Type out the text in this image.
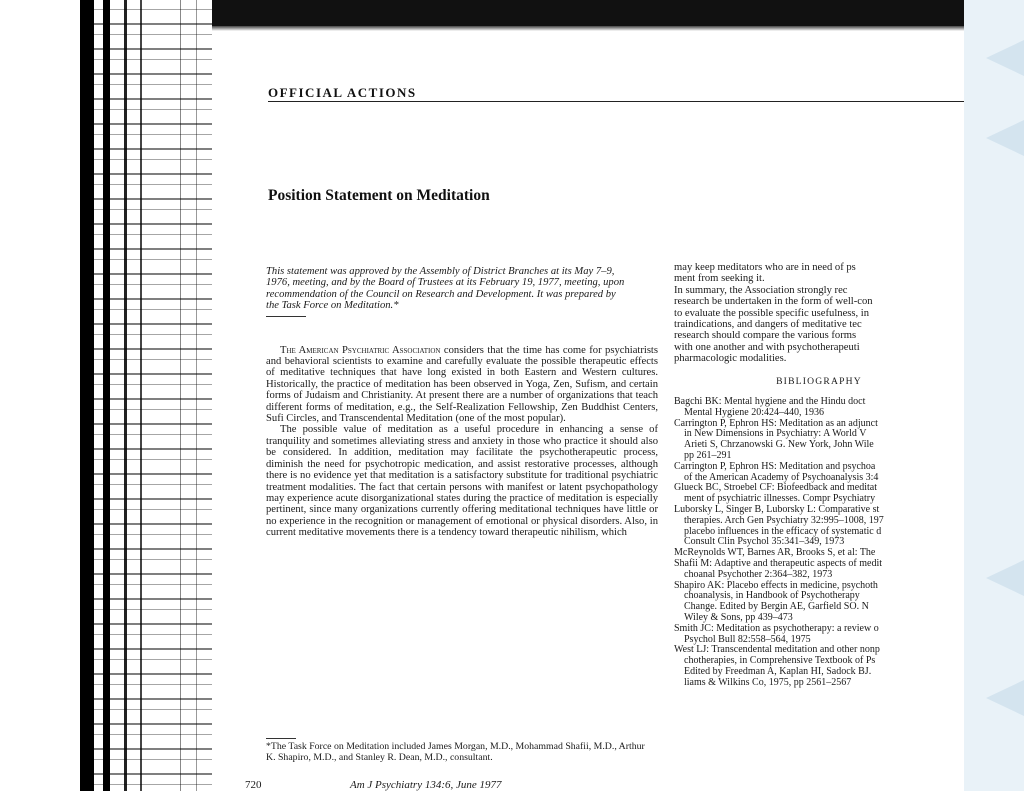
OFFICIAL ACTIONS
Position Statement on Meditation

This statement was approved by the Assembly of District Branches at its May 7–9, 1976, meeting, and by the Board of Trustees at its February 19, 1977, meeting, upon recommendation of the Council on Research and Development. It was prepared by the Task Force on Meditation.*

The American Psychiatric Association considers that the time has come for psychiatrists and behavioral scientists to examine and carefully evaluate the possible therapeutic effects of meditative techniques that have long existed in both Eastern and Western cultures. Historically, the practice of meditation has been observed in Yoga, Zen, Sufism, and certain forms of Judaism and Christianity. At present there are a number of organizations that teach different forms of meditation, e.g., the Self-Realization Fellowship, Zen Buddhist Centers, Sufi Circles, and Transcendental Meditation (one of the most popular).

The possible value of meditation as a useful procedure in enhancing a sense of tranquility and sometimes alleviating stress and anxiety in those who practice it should also be considered. In addition, meditation may facilitate the psychotherapeutic process, diminish the need for psychotropic medication, and assist restorative processes, although there is no evidence yet that meditation is a satisfactory substitute for traditional psychiatric treatment modalities. The fact that certain persons with manifest or latent psychopathology may experience acute disorganizational states during the practice of meditation is especially pertinent, since many organizations currently offering meditational techniques have little or no experience in the recognition or management of emotional or physical disorders. Also, in current meditative movements there is a tendency toward therapeutic nihilism, which

may keep meditators who are in need of ps
ment from seeking it.
In summary, the Association strongly rec
research be undertaken in the form of well-con
to evaluate the possible specific usefulness, in
traindications, and dangers of meditative tec
research should compare the various forms
with one another and with psychotherapeuti
pharmacologic modalities.
BIBLIOGRAPHY
Bagchi BK: Mental hygiene and the Hindu doct
Mental Hygiene 20:424–440, 1936
Carrington P, Ephron HS: Meditation as an adjunct
in New Dimensions in Psychiatry: A World V
Arieti S, Chrzanowski G. New York, John Wile
pp 261–291
Carrington P, Ephron HS: Meditation and psychoa
of the American Academy of Psychoanalysis 3:4
Glueck BC, Stroebel CF: Biofeedback and meditat
ment of psychiatric illnesses. Compr Psychiatry
Luborsky L, Singer B, Luborsky L: Comparative st
therapies. Arch Gen Psychiatry 32:995–1008, 197
placebo influences in the efficacy of systematic d
Consult Clin Psychol 35:341–349, 1973
McReynolds WT, Barnes AR, Brooks S, et al: The
Shafii M: Adaptive and therapeutic aspects of medit
choanal Psychother 2:364–382, 1973
Shapiro AK: Placebo effects in medicine, psychoth
choanalysis, in Handbook of Psychotherapy
Change. Edited by Bergin AE, Garfield SO. N
Wiley & Sons, pp 439–473
Smith JC: Meditation as psychotherapy: a review o
Psychol Bull 82:558–564, 1975
West LJ: Transcendental meditation and other nonp
chotherapies, in Comprehensive Textbook of Ps
Edited by Freedman A, Kaplan HI, Sadock BJ.
liams & Wilkins Co, 1975, pp 2561–2567
*The Task Force on Meditation included James Morgan, M.D., Mohammad Shafii, M.D., Arthur K. Shapiro, M.D., and Stanley R. Dean, M.D., consultant.
720	Am J Psychiatry 134:6, June 1977
